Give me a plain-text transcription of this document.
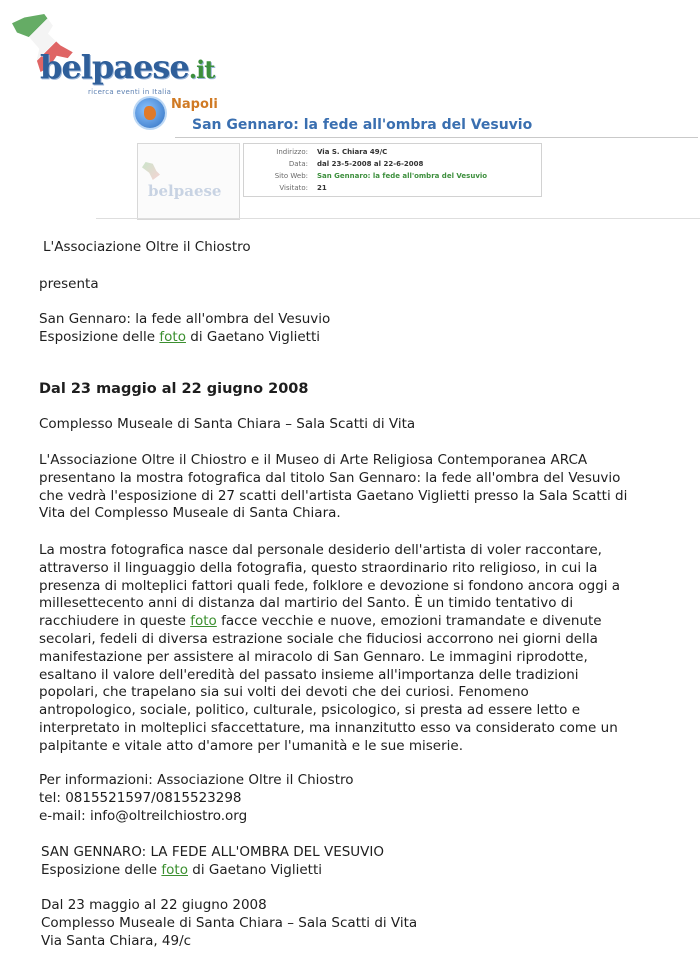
belpaese.it
ricerca eventi in Italia
Napoli
San Gennaro: la fede all'ombra del Vesuvio
belpaese
Indirizzo: Via S. Chiara 49/C
Data: dal 23-5-2008 al 22-6-2008
Sito Web: San Gennaro: la fede all'ombra del Vesuvio
Visitato: 21
L'Associazione Oltre il Chiostro
presenta
San Gennaro: la fede all'ombra del Vesuvio
Esposizione delle foto di Gaetano Viglietti
Dal 23 maggio al 22 giugno 2008
Complesso Museale di Santa Chiara – Sala Scatti di Vita
L'Associazione Oltre il Chiostro e il Museo di Arte Religiosa Contemporanea ARCA
presentano la mostra fotografica dal titolo San Gennaro: la fede all'ombra del Vesuvio
che vedrà l'esposizione di 27 scatti dell'artista Gaetano Viglietti presso la Sala Scatti di
Vita del Complesso Museale di Santa Chiara.
La mostra fotografica nasce dal personale desiderio dell'artista di voler raccontare,
attraverso il linguaggio della fotografia, questo straordinario rito religioso, in cui la
presenza di molteplici fattori quali fede, folklore e devozione si fondono ancora oggi a
millesettecento anni di distanza dal martirio del Santo. È un timido tentativo di
racchiudere in queste foto facce vecchie e nuove, emozioni tramandate e divenute
secolari, fedeli di diversa estrazione sociale che fiduciosi accorrono nei giorni della
manifestazione per assistere al miracolo di San Gennaro. Le immagini riprodotte,
esaltano il valore dell'eredità del passato insieme all'importanza delle tradizioni
popolari, che trapelano sia sui volti dei devoti che dei curiosi. Fenomeno
antropologico, sociale, politico, culturale, psicologico, si presta ad essere letto e
interpretato in molteplici sfaccettature, ma innanzitutto esso va considerato come un
palpitante e vitale atto d'amore per l'umanità e le sue miserie.
Per informazioni: Associazione Oltre il Chiostro
tel: 0815521597/0815523298
e-mail: info@oltreilchiostro.org
SAN GENNARO: LA FEDE ALL'OMBRA DEL VESUVIO
Esposizione delle foto di Gaetano Viglietti
Dal 23 maggio al 22 giugno 2008
Complesso Museale di Santa Chiara – Sala Scatti di Vita
Via Santa Chiara, 49/c
